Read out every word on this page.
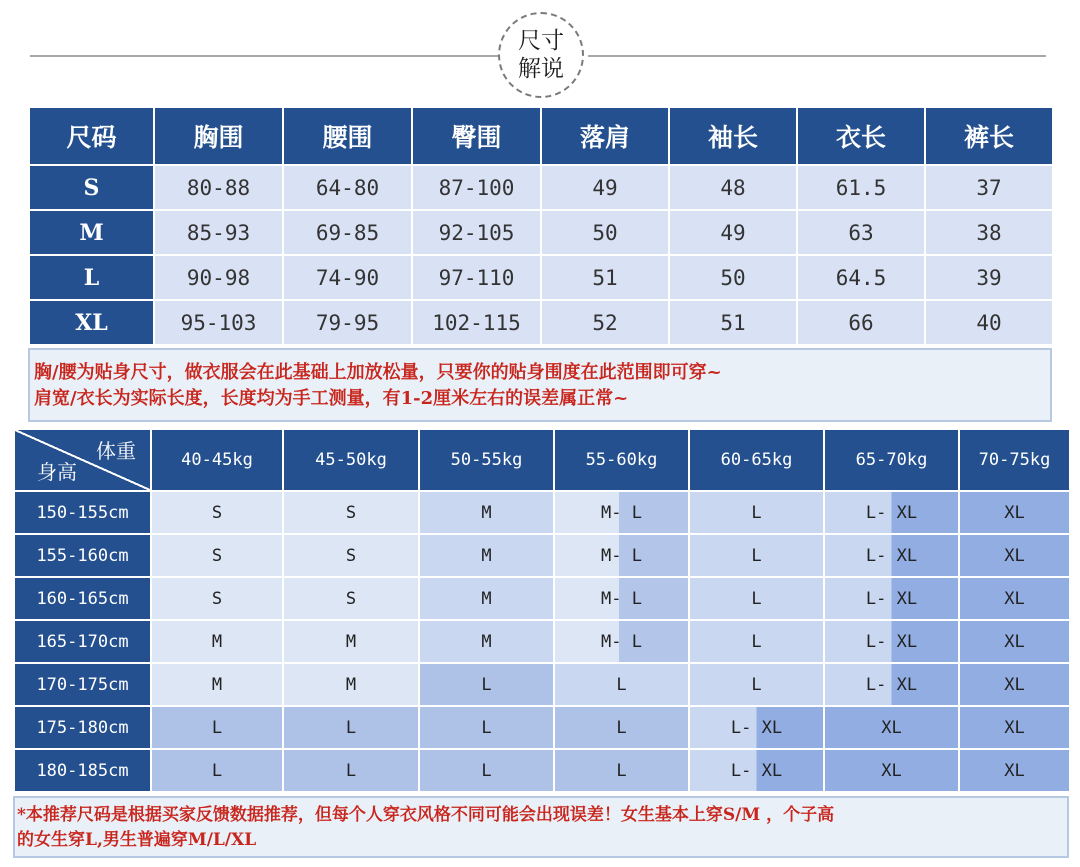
尺寸
解说
尺码	胸围	腰围	臀围	落肩	袖长	衣长	裤长
S	80-88	64-80	87-100	49	48	61.5	37
M	85-93	69-85	92-105	50	49	63	38
L	90-98	74-90	97-110	51	50	64.5	39
XL	95-103	79-95	102-115	52	51	66	40
胸/腰为贴身尺寸，做衣服会在此基础上加放松量，只要你的贴身围度在此范围即可穿~
肩宽/衣长为实际长度，长度均为手工测量，有1-2厘米左右的误差属正常~
体重
身高	40-45kg	45-50kg	50-55kg	55-60kg	60-65kg	65-70kg	70-75kg
150-155cm	S	S	M	M- L	L	L- XL	XL
155-160cm	S	S	M	M- L	L	L- XL	XL
160-165cm	S	S	M	M- L	L	L- XL	XL
165-170cm	M	M	M	M- L	L	L- XL	XL
170-175cm	M	M	L	L	L	L- XL	XL
175-180cm	L	L	L	L	L- XL	XL	XL
180-185cm	L	L	L	L	L- XL	XL	XL
*本推荐尺码是根据买家反馈数据推荐，但每个人穿衣风格不同可能会出现误差！女生基本上穿S/M ，个子高
的女生穿L,男生普遍穿M/L/XL
